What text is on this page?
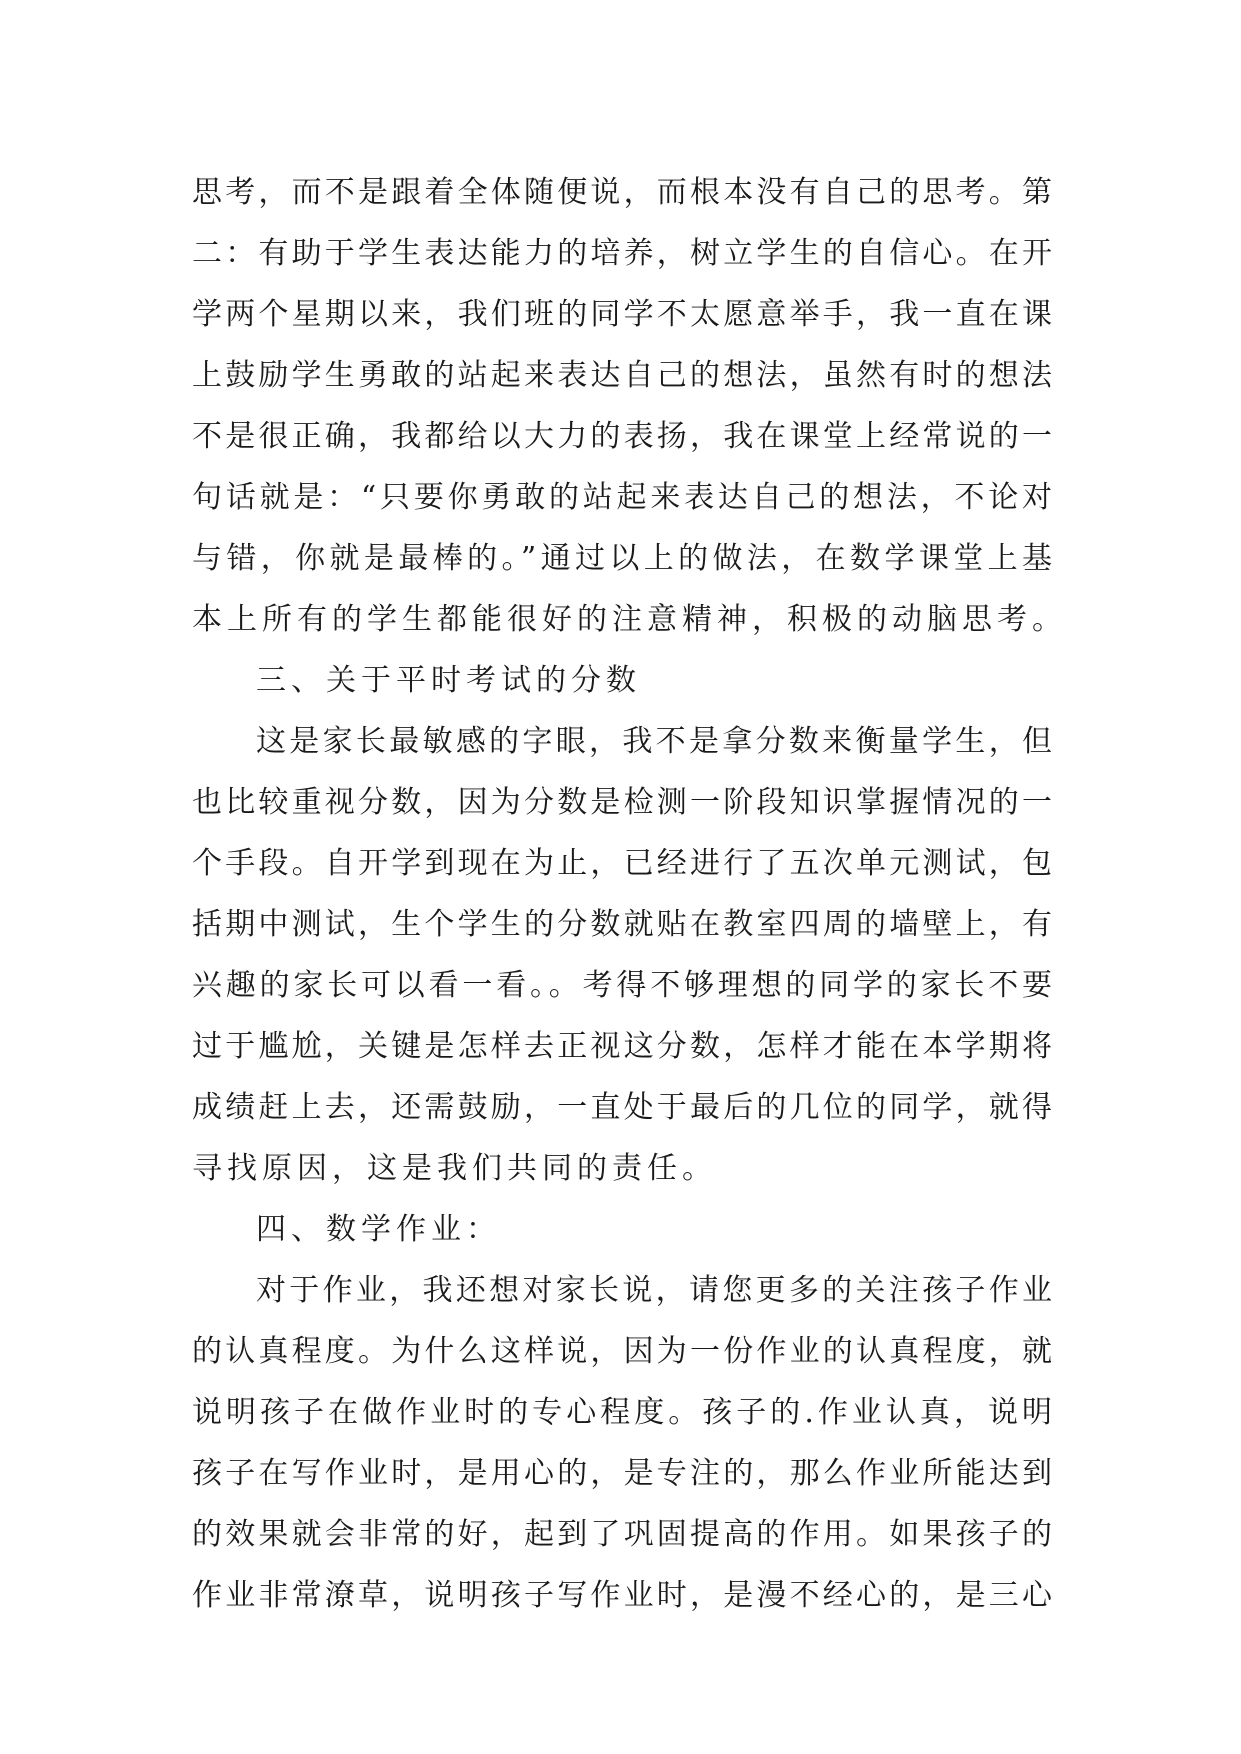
思考，而不是跟着全体随便说，而根本没有自己的思考。第

二：有助于学生表达能力的培养，树立学生的自信心。在开

学两个星期以来，我们班的同学不太愿意举手，我一直在课

上鼓励学生勇敢的站起来表达自己的想法，虽然有时的想法

不是很正确，我都给以大力的表扬，我在课堂上经常说的一

句话就是：“只要你勇敢的站起来表达自己的想法，不论对

与错，你就是最棒的。”通过以上的做法，在数学课堂上基

本上所有的学生都能很好的注意精神，积极的动脑思考。

三、关于平时考试的分数

这是家长最敏感的字眼，我不是拿分数来衡量学生，但

也比较重视分数，因为分数是检测一阶段知识掌握情况的一

个手段。自开学到现在为止，已经进行了五次单元测试，包

括期中测试，生个学生的分数就贴在教室四周的墙壁上，有

兴趣的家长可以看一看。。考得不够理想的同学的家长不要

过于尴尬，关键是怎样去正视这分数，怎样才能在本学期将

成绩赶上去，还需鼓励，一直处于最后的几位的同学，就得

寻找原因，这是我们共同的责任。

四、数学作业：

对于作业，我还想对家长说，请您更多的关注孩子作业

的认真程度。为什么这样说，因为一份作业的认真程度，就

说明孩子在做作业时的专心程度。孩子的.作业认真，说明

孩子在写作业时，是用心的，是专注的，那么作业所能达到

的效果就会非常的好，起到了巩固提高的作用。如果孩子的

作业非常潦草，说明孩子写作业时，是漫不经心的，是三心
